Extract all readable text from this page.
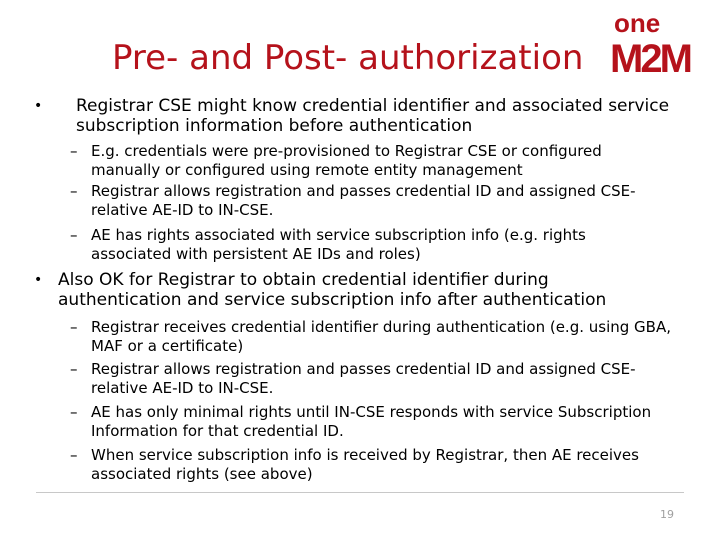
Pre- and Post- authorization
one
M2M
• Registrar CSE might know credential identifier and associated service subscription information before authentication
– E.g. credentials were pre-provisioned to Registrar CSE or configured manually or configured using remote entity management
– Registrar allows registration and passes credential ID and assigned CSE-relative AE-ID to IN-CSE.
– AE has rights associated with service subscription info (e.g. rights associated with persistent AE IDs and roles)
• Also OK for Registrar to obtain credential identifier during authentication and service subscription info after authentication
– Registrar receives credential identifier during authentication (e.g. using GBA, MAF or a certificate)
– Registrar allows registration and passes credential ID and assigned CSE-relative AE-ID to IN-CSE.
– AE has only minimal rights until IN-CSE responds with service Subscription Information for that credential ID.
– When service subscription info is received by Registrar, then AE receives associated rights (see above)
19
